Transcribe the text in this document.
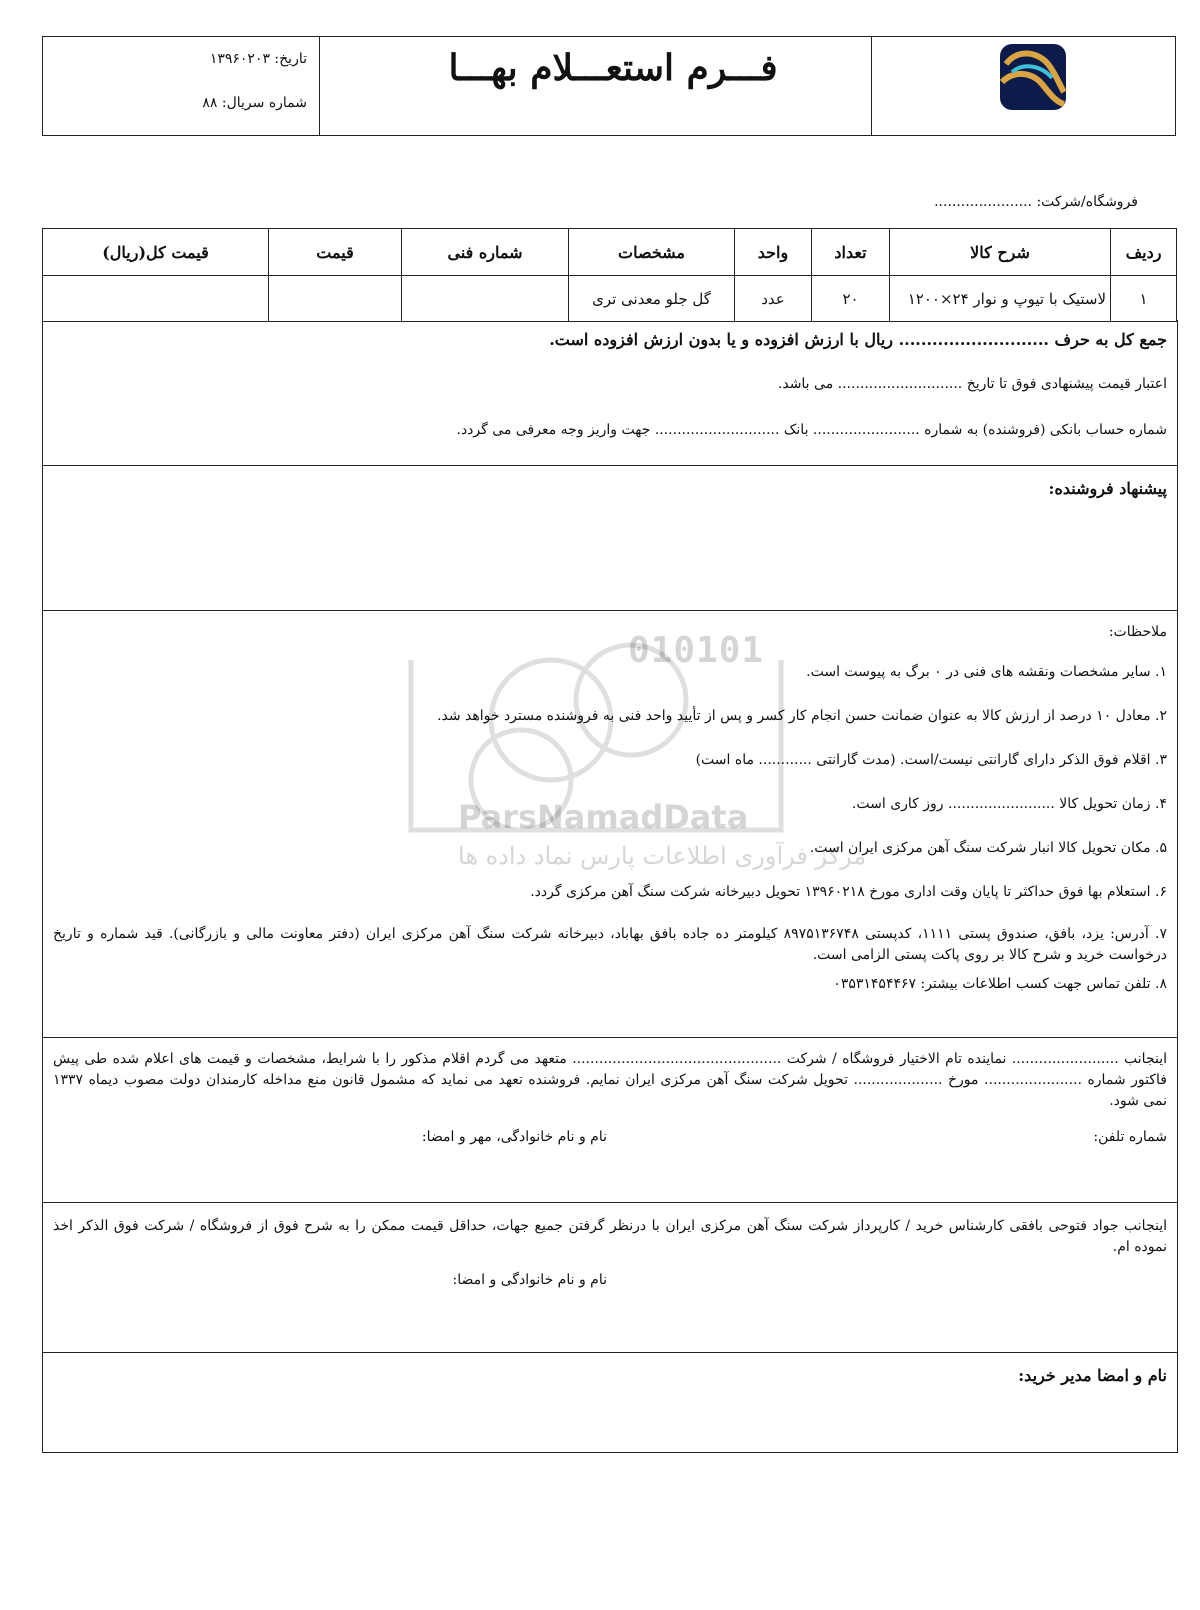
فـــرم استعـــلام بهـــا
تاریخ: ۱۳۹۶۰۲۰۳
شماره سریال: ۸۸
فروشگاه/شرکت: ......................
ردیف	شرح کالا	تعداد	واحد	مشخصات	شماره فنی	قیمت	قیمت کل(ریال)
۱	لاستیک با تیوپ و نوار ۲۴×۱۲۰۰	۲۰	عدد	گل جلو معدنی تری			
جمع کل به حرف ........................... ریال با ارزش افزوده و یا بدون ارزش افزوده است.
اعتبار قیمت پیشنهادی فوق تا تاریخ ............................ می باشد.
شماره حساب بانکی (فروشنده) به شماره ........................ بانک ............................ جهت واریز وجه معرفی می گردد.
پیشنهاد فروشنده:
010101
ParsNamadData
مرکز فرآوری اطلاعات پارس نماد داده ها
ملاحظات:
۱. سایر مشخصات ونقشه های فنی در ۰ برگ به پیوست است.
۲. معادل ۱۰ درصد از ارزش کالا به عنوان ضمانت حسن انجام کار کسر و پس از تأیید واحد فنی به فروشنده مسترد خواهد شد.
۳. اقلام فوق الذکر دارای گارانتی نیست/است. (مدت گارانتی ............ ماه است)
۴. زمان تحویل کالا ........................ روز کاری است.
۵. مکان تحویل کالا انبار شرکت سنگ آهن مرکزی ایران است.
۶. استعلام بها فوق حداکثر تا پایان وقت اداری مورخ ۱۳۹۶۰۲۱۸ تحویل دبیرخانه شرکت سنگ آهن مرکزی گردد.
۷. آدرس: یزد، بافق، صندوق پستی ۱۱۱۱، کدپستی ۸۹۷۵۱۳۶۷۴۸ کیلومتر ده جاده بافق بهاباد، دبیرخانه شرکت سنگ آهن مرکزی ایران (دفتر معاونت مالی و بازرگانی). قید شماره و تاریخ درخواست خرید و شرح کالا بر روی پاکت پستی الزامی است.
۸. تلفن تماس جهت کسب اطلاعات بیشتر: ۰۳۵۳۱۴۵۴۴۶۷
اینجانب ........................ نماینده تام الاختیار فروشگاه / شرکت ............................................... متعهد می گردم اقلام مذکور را با شرایط، مشخصات و قیمت های اعلام شده طی پیش فاکتور شماره ...................... مورخ .................... تحویل شرکت سنگ آهن مرکزی ایران نمایم. فروشنده تعهد می نماید که مشمول قانون منع مداخله کارمندان دولت مصوب دیماه ۱۳۳۷ نمی شود.
شماره تلفن:
نام و نام خانوادگی، مهر و امضا:
اینجانب جواد فتوحی بافقی کارشناس خرید / کارپرداز شرکت سنگ آهن مرکزی ایران با درنظر گرفتن جمیع جهات، حداقل قیمت ممکن را به شرح فوق از فروشگاه / شرکت فوق الذکر اخذ نموده ام.
نام و نام خانوادگی و امضا:
نام و امضا مدیر خرید:
